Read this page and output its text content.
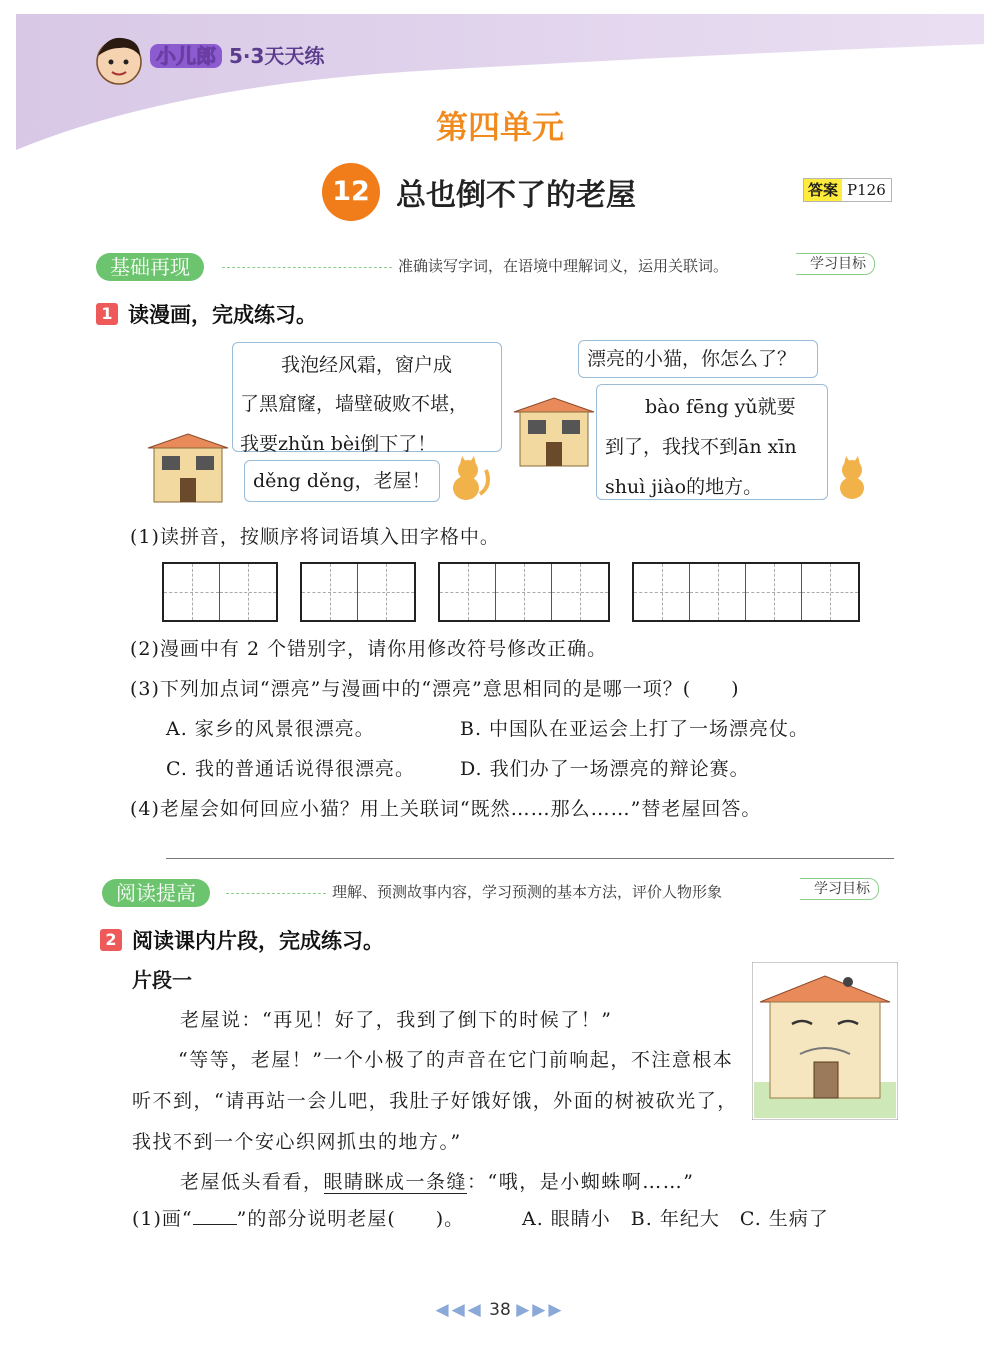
小儿郎 5·3天天练
第四单元
12 总也倒不了的老屋	答案 P126
基础再现	准确读写字词，在语境中理解词义，运用关联词。	学习目标
1 读漫画，完成练习。
我泡经风霜，窗户成
了黑窟窿，墙壁破败不堪，
我要zhǔn bèi倒下了！
děng děng，老屋！
漂亮的小猫，你怎么了？
bào fēng yǔ就要
到了，我找不到ān xīn
shuì jiào的地方。
(1)读拼音，按顺序将词语填入田字格中。
(2)漫画中有 2 个错别字，请你用修改符号修改正确。
(3)下列加点词“漂亮”与漫画中的“漂亮”意思相同的是哪一项？(　　)
A. 家乡的风景很漂亮。	B. 中国队在亚运会上打了一场漂亮仗。
C. 我的普通话说得很漂亮。 D. 我们办了一场漂亮的辩论赛。
(4)老屋会如何回应小猫？用上关联词“既然……那么……”替老屋回答。
阅读提高	理解、预测故事内容，学习预测的基本方法，评价人物形象	学习目标
2 阅读课内片段，完成练习。
片段一
老屋说：“再见！好了，我到了倒下的时候了！”
“等等，老屋！”一个小极了的声音在它门前响起，不注意根本听不到，“请再站一会儿吧，我肚子好饿好饿，外面的树被砍光了，我找不到一个安心织网抓虫的地方。”
老屋低头看看，眼睛眯成一条缝：“哦，是小蜘蛛啊……”
(1)画“ ”的部分说明老屋(　　)。	A. 眼睛小　B. 年纪大　C. 生病了
◀◀◀ 38 ▶▶▶
